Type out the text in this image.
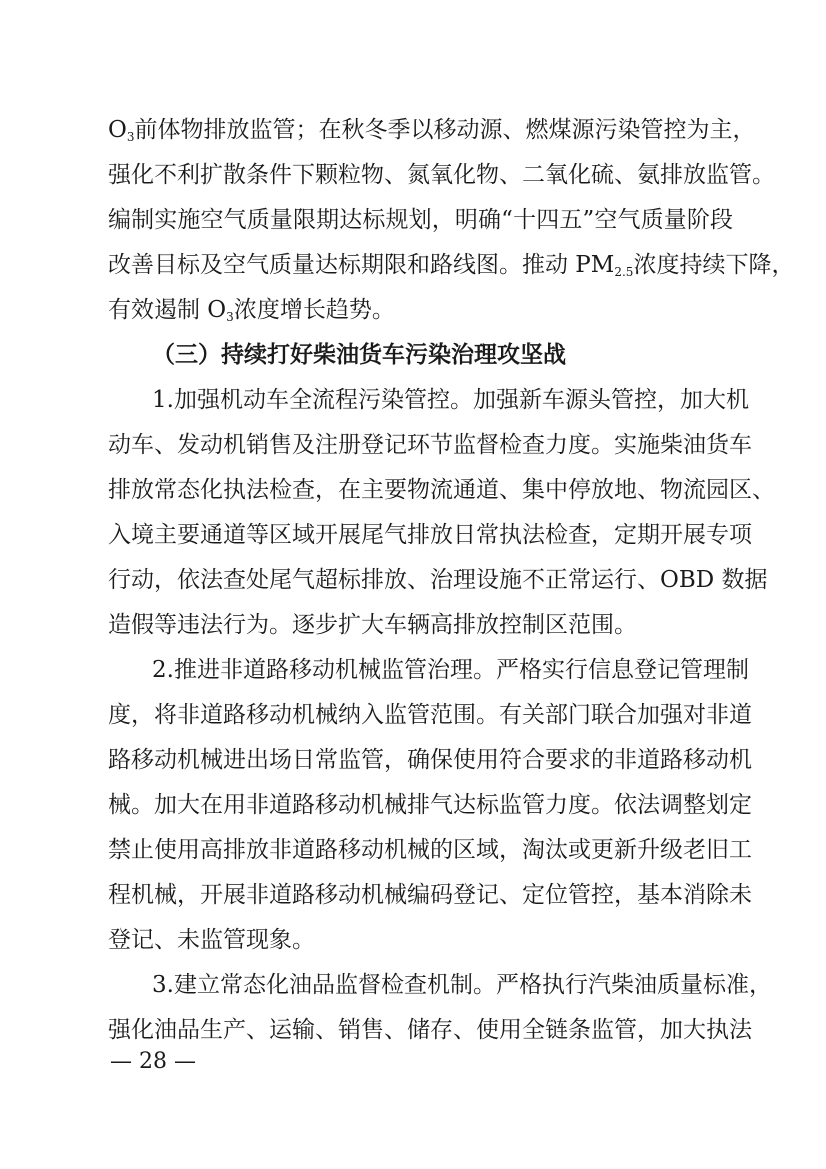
$O_3$前体物排放监管；在秋冬季以移动源、燃煤源污染管控为主，
强化不利扩散条件下颗粒物、氮氧化物、二氧化硫、氨排放监管。
编制实施空气质量限期达标规划，明确“十四五”空气质量阶段
改善目标及空气质量达标期限和路线图。推动 $PM_{2.5}$浓度持续下降，
有效遏制 $O_3$浓度增长趋势。
（三）持续打好柴油货车污染治理攻坚战
1.加强机动车全流程污染管控。加强新车源头管控，加大机
动车、发动机销售及注册登记环节监督检查力度。实施柴油货车
排放常态化执法检查，在主要物流通道、集中停放地、物流园区、
入境主要通道等区域开展尾气排放日常执法检查，定期开展专项
行动，依法查处尾气超标排放、治理设施不正常运行、OBD 数据
造假等违法行为。逐步扩大车辆高排放控制区范围。
2.推进非道路移动机械监管治理。严格实行信息登记管理制
度，将非道路移动机械纳入监管范围。有关部门联合加强对非道
路移动机械进出场日常监管，确保使用符合要求的非道路移动机
械。加大在用非道路移动机械排气达标监管力度。依法调整划定
禁止使用高排放非道路移动机械的区域，淘汰或更新升级老旧工
程机械，开展非道路移动机械编码登记、定位管控，基本消除未
登记、未监管现象。
3.建立常态化油品监督检查机制。严格执行汽柴油质量标准，
强化油品生产、运输、销售、储存、使用全链条监管，加大执法
— 28 —
